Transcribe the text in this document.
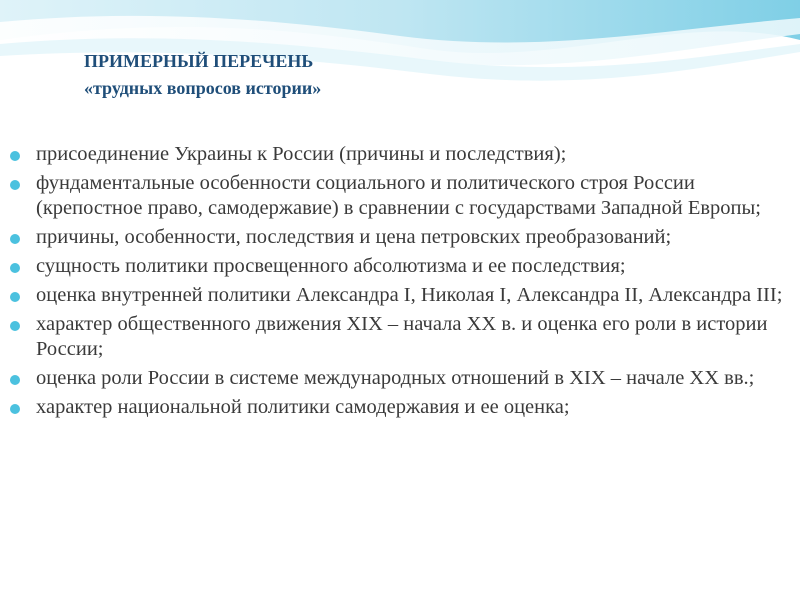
ПРИМЕРНЫЙ ПЕРЕЧЕНЬ
«трудных вопросов истории»
присоединение Украины к России (причины и последствия);
фундаментальные особенности социального и политического строя России (крепостное право, самодержавие) в сравнении с государствами Западной Европы;
причины, особенности, последствия и цена петровских преобразований;
сущность политики просвещенного абсолютизма и ее последствия;
оценка внутренней политики Александра I, Николая I, Александра II, Александра III;
характер общественного движения XIX – начала XX в. и оценка его роли в истории России;
оценка роли России в системе международных отношений в XIX – начале XX вв.;
характер национальной политики самодержавия и ее оценка;
